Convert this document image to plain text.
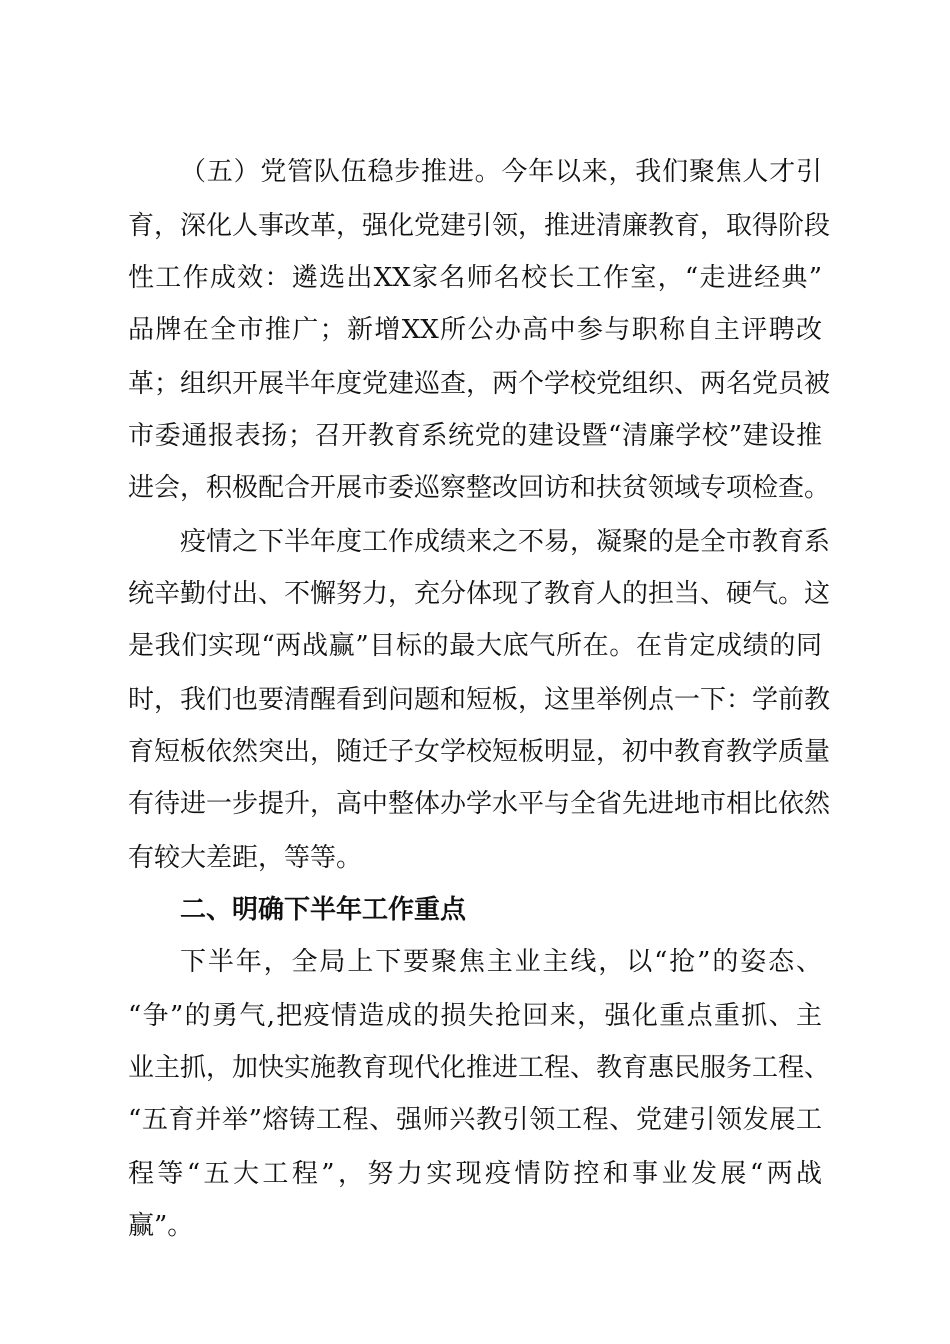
（五）党管队伍稳步推进。今年以来，我们聚焦人才引
育，深化人事改革，强化党建引领，推进清廉教育，取得阶段
性工作成效：遴选出XX家名师名校长工作室，“走进经典”
品牌在全市推广；新增XX所公办高中参与职称自主评聘改
革；组织开展半年度党建巡查，两个学校党组织、两名党员被
市委通报表扬；召开教育系统党的建设暨“清廉学校”建设推
进会，积极配合开展市委巡察整改回访和扶贫领域专项检查。
疫情之下半年度工作成绩来之不易，凝聚的是全市教育系
统辛勤付出、不懈努力，充分体现了教育人的担当、硬气。这
是我们实现“两战赢”目标的最大底气所在。在肯定成绩的同
时，我们也要清醒看到问题和短板，这里举例点一下：学前教
育短板依然突出，随迁子女学校短板明显，初中教育教学质量
有待进一步提升，高中整体办学水平与全省先进地市相比依然
有较大差距，等等。
二、明确下半年工作重点
下半年，全局上下要聚焦主业主线，以“抢”的姿态、
“争”的勇气,把疫情造成的损失抢回来，强化重点重抓、主
业主抓，加快实施教育现代化推进工程、教育惠民服务工程、
“五育并举”熔铸工程、强师兴教引领工程、党建引领发展工
程等“五大工程”，努力实现疫情防控和事业发展“两战
赢”。
